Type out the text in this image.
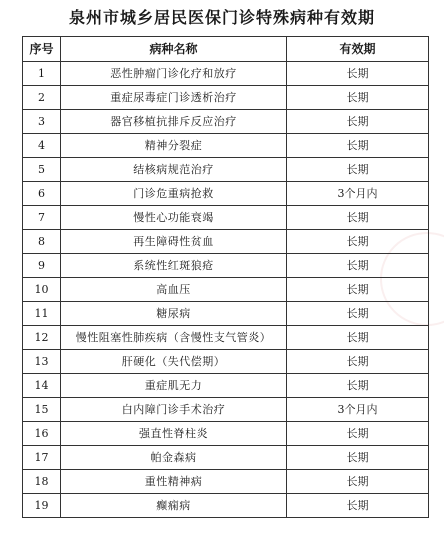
泉州市城乡居民医保门诊特殊病种有效期
序号	病种名称	有效期
1	恶性肿瘤门诊化疗和放疗	长期
2	重症尿毒症门诊透析治疗	长期
3	器官移植抗排斥反应治疗	长期
4	精神分裂症	长期
5	结核病规范治疗	长期
6	门诊危重病抢救	3个月内
7	慢性心功能衰竭	长期
8	再生障碍性贫血	长期
9	系统性红斑狼疮	长期
10	高血压	长期
11	糖尿病	长期
12	慢性阻塞性肺疾病（含慢性支气管炎）	长期
13	肝硬化（失代偿期）	长期
14	重症肌无力	长期
15	白内障门诊手术治疗	3个月内
16	强直性脊柱炎	长期
17	帕金森病	长期
18	重性精神病	长期
19	癫痫病	长期
